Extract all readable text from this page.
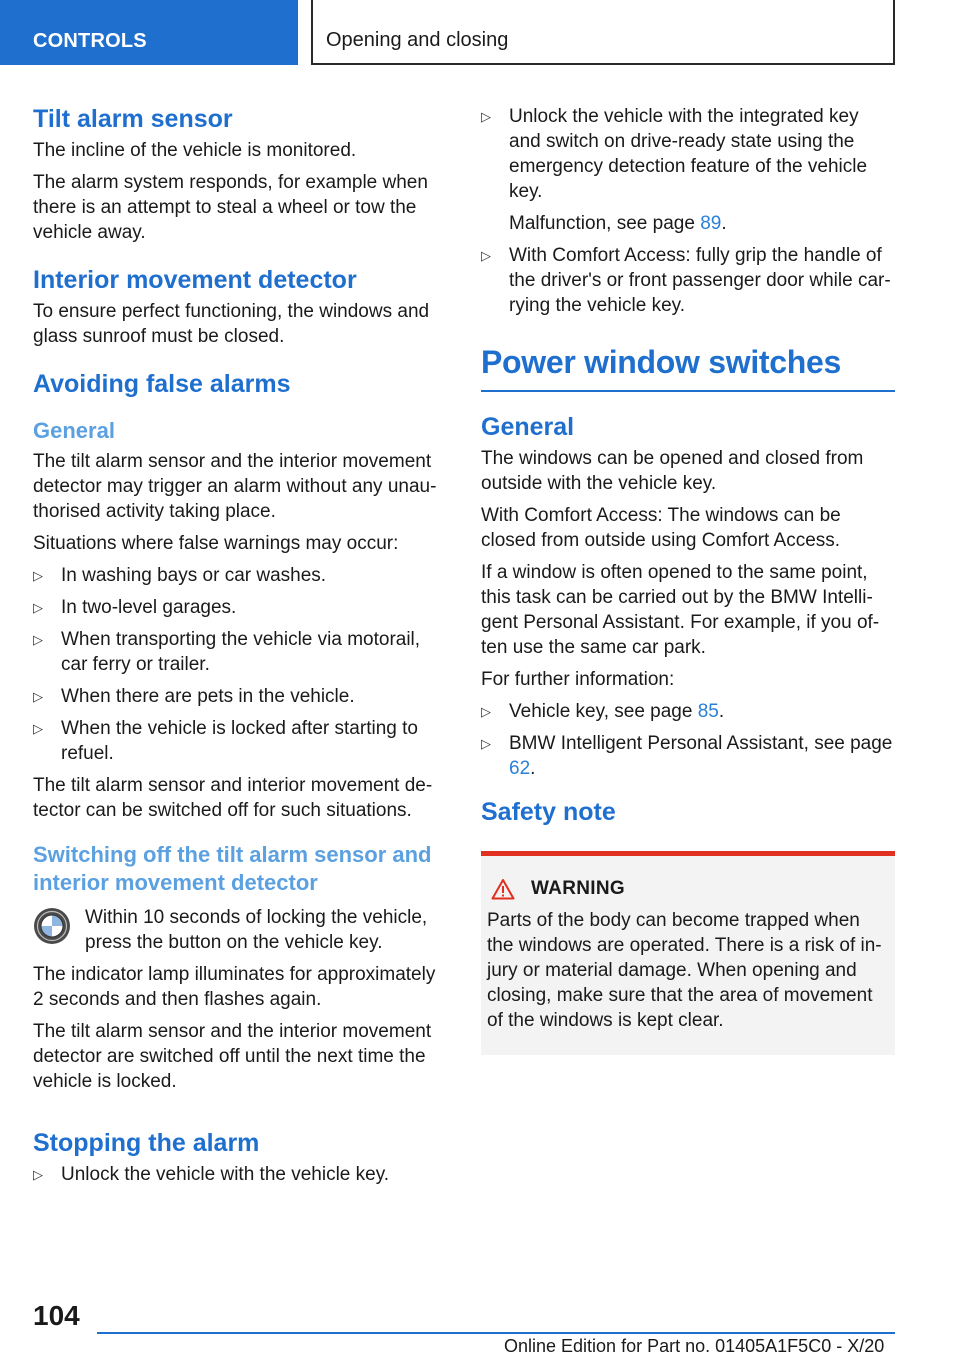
CONTROLS	Opening and closing
Tilt alarm sensor

The incline of the vehicle is monitored.

The alarm system responds, for example when there is an attempt to steal a wheel or tow the vehicle away.

Interior movement detector

To ensure perfect functioning, the windows and glass sunroof must be closed.

Avoiding false alarms
General

The tilt alarm sensor and the interior movement detector may trigger an alarm without any unau-thorised activity taking place.

Situations where false warnings may occur:

▷ In washing bays or car washes.
▷ In two-level garages.
▷ When transporting the vehicle via motorail, car ferry or trailer.
▷ When there are pets in the vehicle.
▷ When the vehicle is locked after starting to refuel.

The tilt alarm sensor and interior movement de-tector can be switched off for such situations.

Switching off the tilt alarm sensor and interior movement detector

Within 10 seconds of locking the vehicle, press the button on the vehicle key.

The indicator lamp illuminates for approximately 2 seconds and then flashes again.

The tilt alarm sensor and the interior movement detector are switched off until the next time the vehicle is locked.

Stopping the alarm
▷ Unlock the vehicle with the vehicle key.
▷ Unlock the vehicle with the integrated key and switch on drive-ready state using the emergency detection feature of the vehicle key.
Malfunction, see page 89.
▷ With Comfort Access: fully grip the handle of the driver's or front passenger door while car-rying the vehicle key.
Power window switches
General

The windows can be opened and closed from outside with the vehicle key.

With Comfort Access: The windows can be closed from outside using Comfort Access.

If a window is often opened to the same point, this task can be carried out by the BMW Intelli-gent Personal Assistant. For example, if you of-ten use the same car park.

For further information:

▷ Vehicle key, see page 85.
▷ BMW Intelligent Personal Assistant, see page 62.
Safety note
WARNING

Parts of the body can become trapped when the windows are operated. There is a risk of in-jury or material damage. When opening and closing, make sure that the area of movement of the windows is kept clear.

104
Online Edition for Part no. 01405A1F5C0 - X/20
